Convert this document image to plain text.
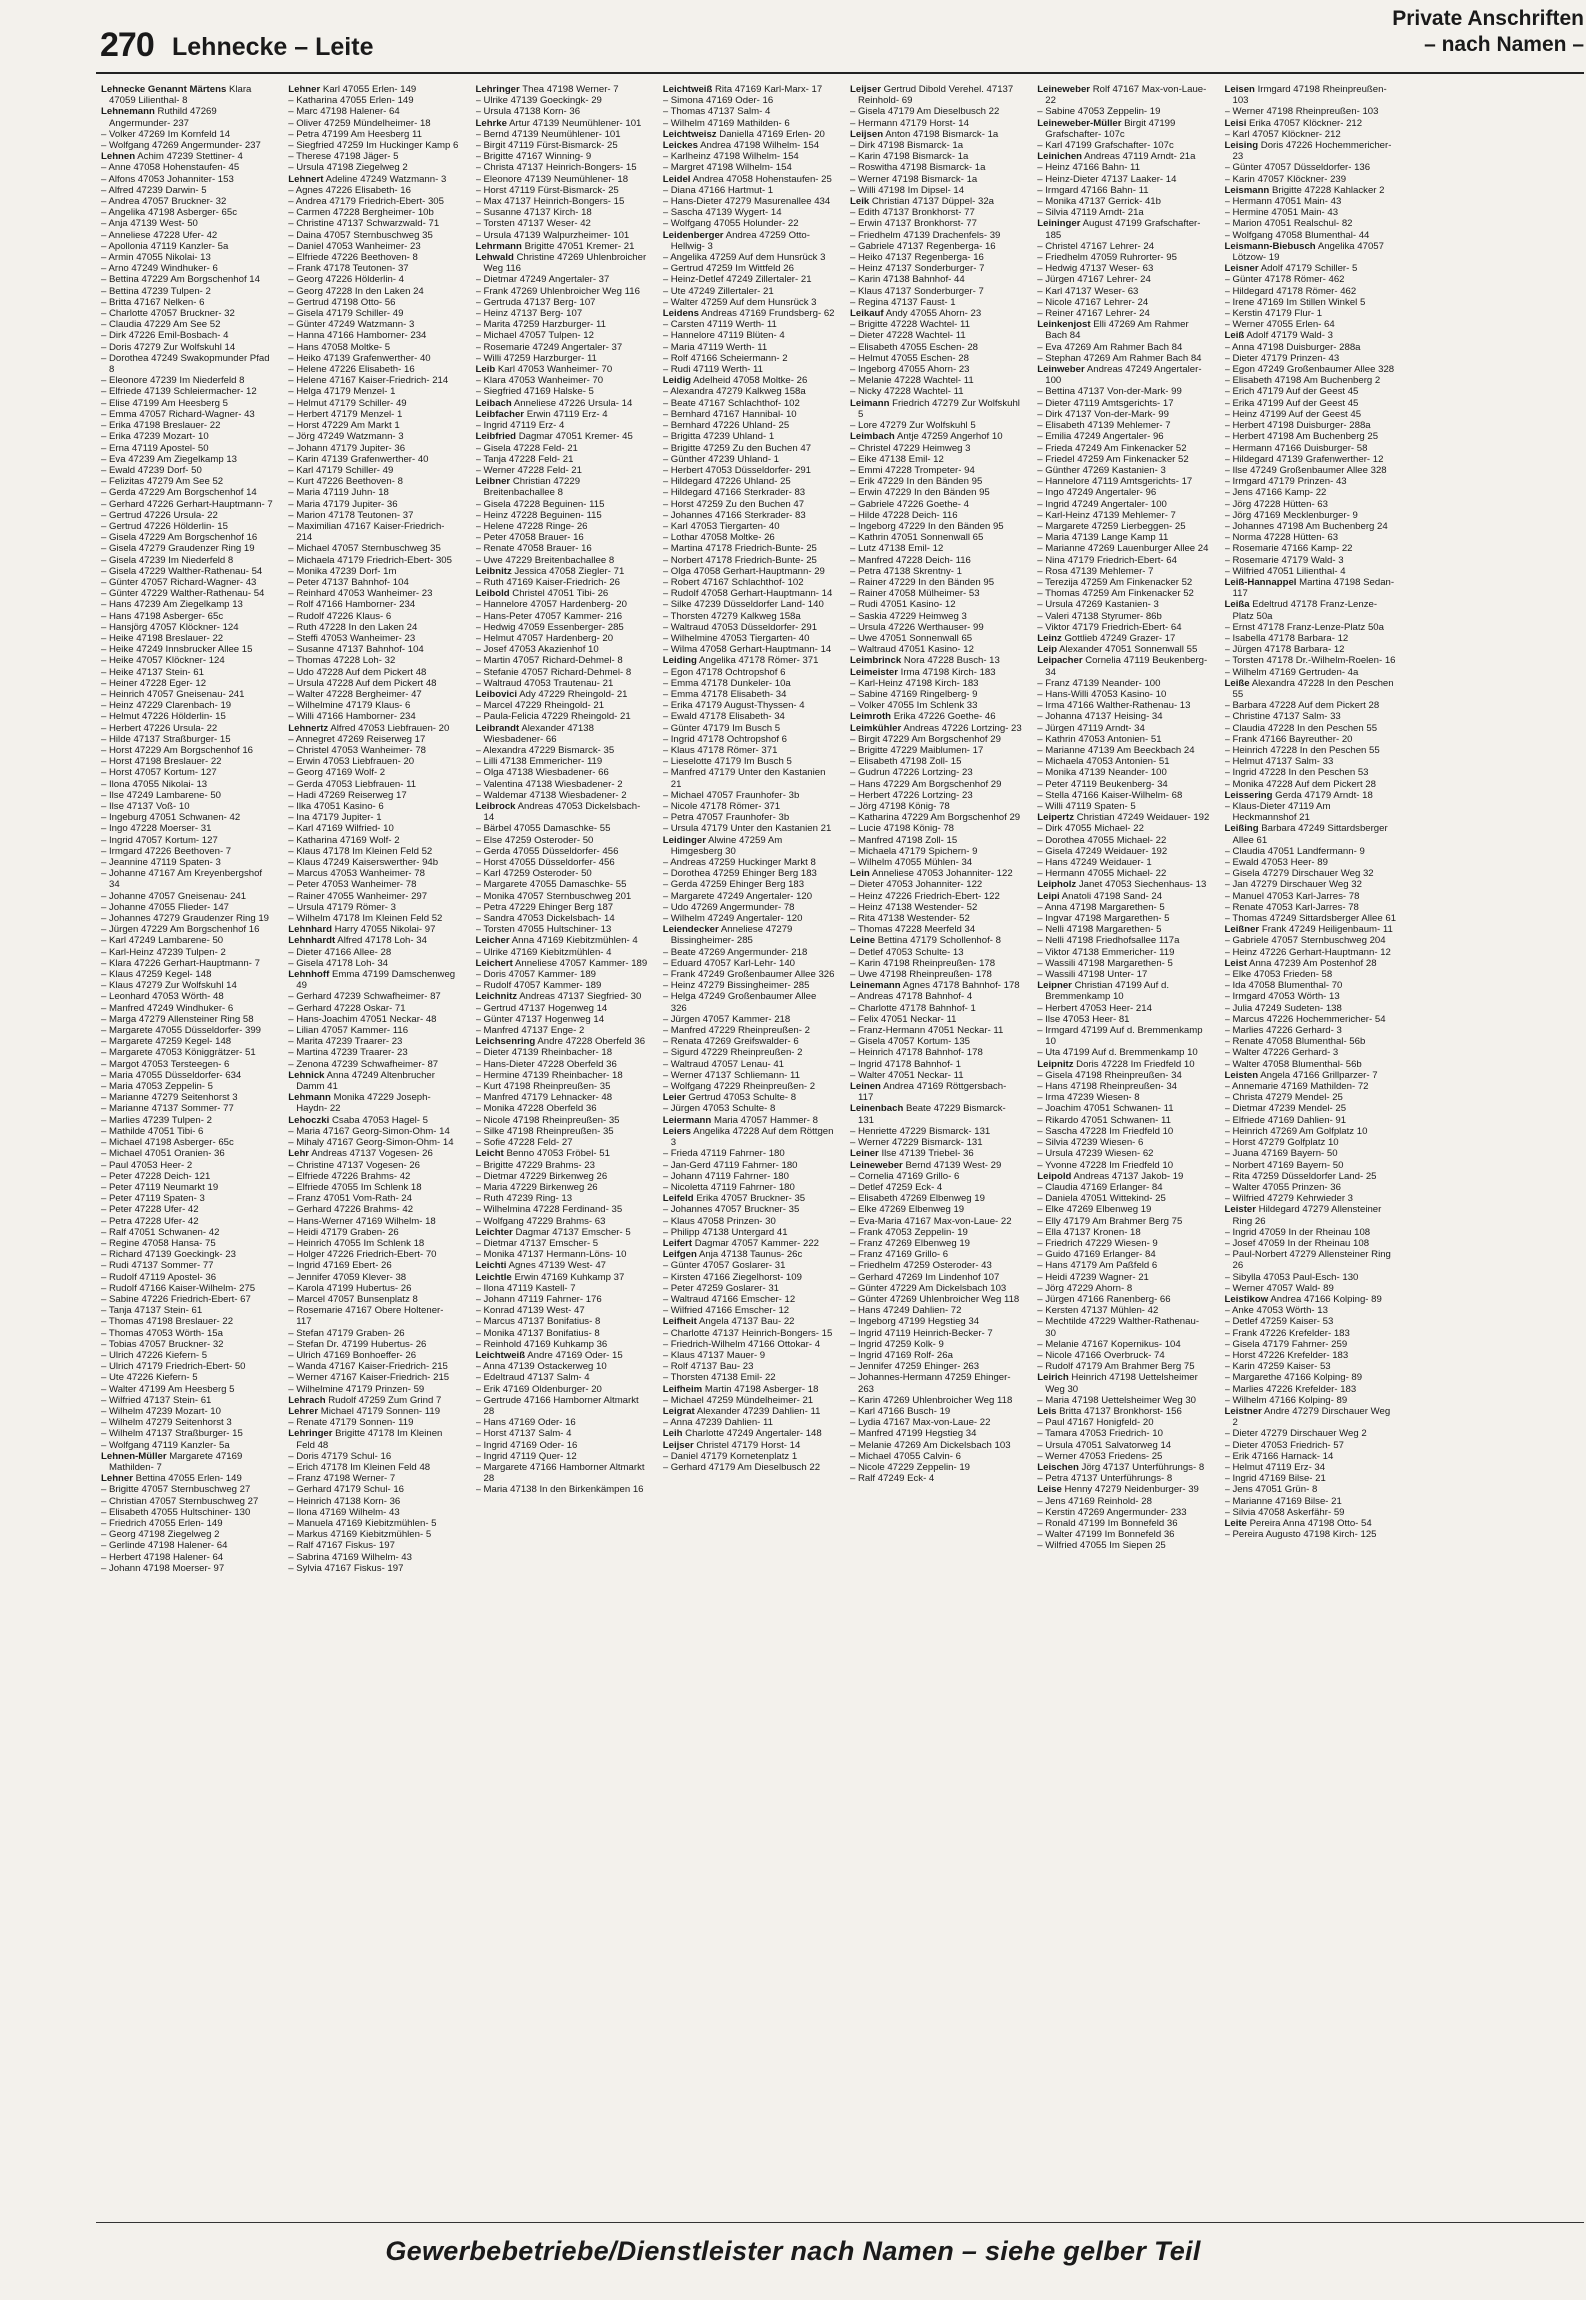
270 Lehnecke – Leite
Private Anschriften
– nach Namen –
Lehnecke Genannt Märtens Klara 47059 Lilienthal- 8
Lehnemann Ruthild 47269 Angermunder- 237
– Volker 47269 Im Kornfeld 14
– Wolfgang 47269 Angermunder- 237
Lehnen Achim 47239 Stettiner- 4
– Anne 47058 Hohenstaufen- 45
– Alfons 47053 Johanniter- 153
– Alfred 47239 Darwin- 5
– Andrea 47057 Bruckner- 32
– Angelika 47198 Asberger- 65c
– Anja 47139 West- 50
– Anneliese 47228 Ufer- 42
– Apollonia 47119 Kanzler- 5a
– Armin 47055 Nikolai- 13
– Arno 47249 Windhuker- 6
– Bettina 47229 Am Borgschenhof 14
– Bettina 47239 Tulpen- 2
– Britta 47167 Nelken- 6
– Charlotte 47057 Bruckner- 32
– Claudia 47229 Am See 52
– Dirk 47226 Emil-Bosbach- 4
– Doris 47279 Zur Wolfskuhl 14
– Dorothea 47249 Swakopmunder Pfad 8
– Eleonore 47239 Im Niederfeld 8
– Elfriede 47139 Schleiermacher- 12
– Elise 47199 Am Heesberg 5
– Emma 47057 Richard-Wagner- 43
– Erika 47198 Breslauer- 22
– Erika 47239 Mozart- 10
– Erna 47119 Apostel- 50
– Eva 47239 Am Ziegelkamp 13
– Ewald 47239 Dorf- 50
– Felizitas 47279 Am See 52
– Gerda 47229 Am Borgschenhof 14
– Gerhard 47226 Gerhart-Hauptmann- 7
– Gertrud 47226 Ursula- 22
– Gertrud 47226 Hölderlin- 15
– Gisela 47229 Am Borgschenhof 16
– Gisela 47279 Graudenzer Ring 19
– Gisela 47239 Im Niederfeld 8
– Gisela 47229 Walther-Rathenau- 54
– Günter 47057 Richard-Wagner- 43
– Günter 47229 Walther-Rathenau- 54
– Hans 47239 Am Ziegelkamp 13
– Hans 47198 Asberger- 65c
– Hansjörg 47057 Klöckner- 124
– Heike 47198 Breslauer- 22
– Heike 47249 Innsbrucker Allee 15
– Heike 47057 Klöckner- 124
– Heike 47137 Stein- 61
– Heiner 47228 Eger- 12
– Heinrich 47057 Gneisenau- 241
– Heinz 47229 Clarenbach- 19
– Helmut 47226 Hölderlin- 15
– Herbert 47226 Ursula- 22
– Hilde 47137 Straßburger- 15
– Horst 47229 Am Borgschenhof 16
– Horst 47198 Breslauer- 22
– Horst 47057 Kortum- 127
– Ilona 47055 Nikolai- 13
– Ilse 47249 Lambarene- 50
– Ilse 47137 Voß- 10
– Ingeburg 47051 Schwanen- 42
– Ingo 47228 Moerser- 31
– Ingrid 47057 Kortum- 127
– Irmgard 47226 Beethoven- 7
– Jeannine 47119 Spaten- 3
– Johanne 47167 Am Kreyenbergshof 34
– Johanne 47057 Gneisenau- 241
– Johanne 47055 Flieder- 147
– Johannes 47279 Graudenzer Ring 19
– Jürgen 47229 Am Borgschenhof 16
– Karl 47249 Lambarene- 50
– Karl-Heinz 47239 Tulpen- 2
– Klara 47226 Gerhart-Hauptmann- 7
– Klaus 47259 Kegel- 148
– Klaus 47279 Zur Wolfskuhl 14
– Leonhard 47053 Wörth- 48
– Manfred 47249 Windhuker- 6
– Marga 47279 Allensteiner Ring 58
– Margarete 47055 Düsseldorfer- 399
– Margarete 47259 Kegel- 148
– Margarete 47053 Königgrätzer- 51
– Margot 47053 Tersteegen- 6
– Maria 47055 Düsseldorfer- 634
– Maria 47053 Zeppelin- 5
– Marianne 47279 Seitenhorst 3
– Marianne 47137 Sommer- 77
– Marlies 47239 Tulpen- 2
– Mathilde 47051 Tibi- 6
– Michael 47198 Asberger- 65c
– Michael 47051 Oranien- 36
– Paul 47053 Heer- 2
– Peter 47228 Deich- 121
– Peter 47119 Neumarkt 19
– Peter 47119 Spaten- 3
– Peter 47228 Ufer- 42
– Petra 47228 Ufer- 42
– Ralf 47051 Schwanen- 42
– Regine 47058 Hansa- 75
– Richard 47139 Goeckingk- 23
– Rudi 47137 Sommer- 77
– Rudolf 47119 Apostel- 36
– Rudolf 47166 Kaiser-Wilhelm- 275
– Sabine 47226 Friedrich-Ebert- 67
– Tanja 47137 Stein- 61
– Thomas 47198 Breslauer- 22
– Thomas 47053 Wörth- 15a
– Tobias 47057 Bruckner- 32
– Ulrich 47226 Kiefern- 5
– Ulrich 47179 Friedrich-Ebert- 50
– Ute 47226 Kiefern- 5
– Walter 47199 Am Heesberg 5
– Wilfried 47137 Stein- 61
– Wilhelm 47239 Mozart- 10
– Wilhelm 47279 Seitenhorst 3
– Wilhelm 47137 Straßburger- 15
– Wolfgang 47119 Kanzler- 5a
Lehnen-Müller Margarete 47169 Mathilden- 7
Lehner Bettina 47055 Erlen- 149
– Brigitte 47057 Sternbuschweg 27
– Christian 47057 Sternbuschweg 27
– Elisabeth 47055 Hultschiner- 130
– Friedrich 47055 Erlen- 149
– Georg 47198 Ziegelweg 2
– Gerlinde 47198 Halener- 64
– Herbert 47198 Halener- 64
– Johann 47198 Moerser- 97
Lehner Karl 47055 Erlen- 149
– Katharina 47055 Erlen- 149
– Marc 47198 Halener- 64
– Oliver 47259 Mündelheimer- 18
– Petra 47199 Am Heesberg 11
– Siegfried 47259 Im Huckinger Kamp 6
– Therese 47198 Jäger- 5
– Ursula 47198 Ziegelweg 2
Lehnert Adeline 47249 Watzmann- 3
– Agnes 47226 Elisabeth- 16
– Andrea 47179 Friedrich-Ebert- 305
– Carmen 47228 Bergheimer- 10b
– Christine 47137 Schwarzwald- 71
– Daina 47057 Sternbuschweg 35
– Daniel 47053 Wanheimer- 23
– Elfriede 47226 Beethoven- 8
– Frank 47178 Teutonen- 37
– Georg 47226 Hölderlin- 4
– Georg 47228 In den Laken 24
– Gertrud 47198 Otto- 56
– Gisela 47179 Schiller- 49
– Günter 47249 Watzmann- 3
– Hanna 47166 Hamborner- 234
– Hans 47058 Moltke- 5
– Heiko 47139 Grafenwerther- 40
– Helene 47226 Elisabeth- 16
– Helene 47167 Kaiser-Friedrich- 214
– Helga 47179 Menzel- 1
– Helmut 47179 Schiller- 49
– Herbert 47179 Menzel- 1
– Horst 47229 Am Markt 1
– Jörg 47249 Watzmann- 3
– Johann 47179 Jupiter- 36
– Karin 47139 Grafenwerther- 40
– Karl 47179 Schiller- 49
– Kurt 47226 Beethoven- 8
– Maria 47119 Juhn- 18
– Maria 47179 Jupiter- 36
– Marion 47178 Teutonen- 37
– Maximilian 47167 Kaiser-Friedrich- 214
– Michael 47057 Sternbuschweg 35
– Michaela 47179 Friedrich-Ebert- 305
– Monika 47239 Dorf- 1m
– Peter 47137 Bahnhof- 104
– Reinhard 47053 Wanheimer- 23
– Rolf 47166 Hamborner- 234
– Rudolf 47226 Klaus- 6
– Ruth 47228 In den Laken 24
– Steffi 47053 Wanheimer- 23
– Susanne 47137 Bahnhof- 104
– Thomas 47228 Loh- 32
– Udo 47228 Auf dem Pickert 48
– Ursula 47228 Auf dem Pickert 48
– Walter 47228 Bergheimer- 47
– Wilhelmine 47179 Klaus- 6
– Willi 47166 Hamborner- 234
Lehnertz Alfred 47053 Liebfrauen- 20
– Annegret 47269 Reiserweg 17
– Christel 47053 Wanheimer- 78
– Erwin 47053 Liebfrauen- 20
– Georg 47169 Wolf- 2
– Gerda 47053 Liebfrauen- 11
– Hadi 47269 Reiserweg 17
– Ilka 47051 Kasino- 6
– Ina 47179 Jupiter- 1
– Karl 47169 Wilfried- 10
– Katharina 47169 Wolf- 2
– Klaus 47178 Im Kleinen Feld 52
– Klaus 47249 Kaiserswerther- 94b
– Marcus 47053 Wanheimer- 78
– Peter 47053 Wanheimer- 78
– Rainer 47055 Wanheimer- 297
– Ursula 47179 Römer- 3
– Wilhelm 47178 Im Kleinen Feld 52
Lehnhard Harry 47055 Nikolai- 97
Lehnhardt Alfred 47178 Loh- 34
– Dieter 47166 Allee- 28
– Gisela 47178 Loh- 34
Lehnhoff Emma 47199 Damschenweg 49
– Gerhard 47239 Schwafheimer- 87
– Gerhard 47228 Oskar- 71
– Hans-Joachim 47051 Neckar- 48
– Lilian 47057 Kammer- 116
– Marita 47239 Traarer- 23
– Martina 47239 Traarer- 23
– Zenona 47239 Schwafheimer- 87
Lehnick Anna 47249 Altenbrucher Damm 41
Lehmann Monika 47229 Joseph-Haydn- 22
Lehoczki Csaba 47053 Hagel- 5
– Maria 47167 Georg-Simon-Ohm- 14
– Mihaly 47167 Georg-Simon-Ohm- 14
Lehr Andreas 47137 Vogesen- 26
– Christine 47137 Vogesen- 26
– Elfriede 47226 Brahms- 42
– Elfriede 47055 Im Schlenk 18
– Franz 47051 Vom-Rath- 24
– Gerhard 47226 Brahms- 42
– Hans-Werner 47169 Wilhelm- 18
– Heidi 47179 Graben- 26
– Heinrich 47055 Im Schlenk 18
– Holger 47226 Friedrich-Ebert- 70
– Ingrid 47169 Ebert- 26
– Jennifer 47059 Klever- 38
– Karola 47199 Hubertus- 26
– Marcel 47057 Bunsenplatz 8
– Rosemarie 47167 Obere Holtener- 117
– Stefan 47179 Graben- 26
– Stefan Dr. 47199 Hubertus- 26
– Ulrich 47169 Bonhoeffer- 26
– Wanda 47167 Kaiser-Friedrich- 215
– Werner 47167 Kaiser-Friedrich- 215
– Wilhelmine 47179 Prinzen- 59
Lehrach Rudolf 47259 Zum Grind 7
Lehrer Michael 47179 Sonnen- 119
– Renate 47179 Sonnen- 119
Lehringer Brigitte 47178 Im Kleinen Feld 48
– Doris 47179 Schul- 16
– Erich 47178 Im Kleinen Feld 48
– Franz 47198 Werner- 7
– Gerhard 47179 Schul- 16
– Heinrich 47138 Korn- 36
– Ilona 47169 Wilhelm- 43
– Manuela 47169 Kiebitzmühlen- 5
– Markus 47169 Kiebitzmühlen- 5
– Ralf 47167 Fiskus- 197
– Sabrina 47169 Wilhelm- 43
– Sylvia 47167 Fiskus- 197
Lehringer Thea 47198 Werner- 7
– Ulrike 47139 Goeckingk- 29
– Ursula 47138 Korn- 36
Lehrke Artur 47139 Neumühlener- 101
– Bernd 47139 Neumühlener- 101
– Birgit 47119 Fürst-Bismarck- 25
– Brigitte 47167 Winning- 9
– Christa 47137 Heinrich-Bongers- 15
– Eleonore 47139 Neumühlener- 18
– Horst 47119 Fürst-Bismarck- 25
– Max 47137 Heinrich-Bongers- 15
– Susanne 47137 Kirch- 18
– Torsten 47137 Weser- 42
– Ursula 47139 Walpurzheimer- 101
Lehrmann Brigitte 47051 Kremer- 21
Lehwald Christine 47269 Uhlenbroicher Weg 116
– Dietmar 47249 Angertaler- 37
– Frank 47269 Uhlenbroicher Weg 116
– Gertruda 47137 Berg- 107
– Heinz 47137 Berg- 107
– Marita 47259 Harzburger- 11
– Michael 47057 Tulpen- 12
– Rosemarie 47249 Angertaler- 37
– Willi 47259 Harzburger- 11
Leib Karl 47053 Wanheimer- 70
– Klara 47053 Wanheimer- 70
– Siegfried 47169 Halske- 5
Leibach Anneliese 47226 Ursula- 14
Leibfacher Erwin 47119 Erz- 4
– Ingrid 47119 Erz- 4
Leibfried Dagmar 47051 Kremer- 45
– Gisela 47228 Feld- 21
– Tanja 47228 Feld- 21
– Werner 47228 Feld- 21
Leibner Christian 47229 Breitenbachallee 8
– Gisela 47228 Beguinen- 115
– Heinz 47228 Beguinen- 115
– Helene 47228 Ringe- 26
– Peter 47058 Brauer- 16
– Renate 47058 Brauer- 16
– Uwe 47229 Breitenbachallee 8
Leibnitz Jessica 47058 Ziegler- 71
– Ruth 47169 Kaiser-Friedrich- 26
Leibold Christel 47051 Tibi- 26
– Hannelore 47057 Hardenberg- 20
– Hans-Peter 47057 Kammer- 216
– Hedwig 47059 Essenberger- 285
– Helmut 47057 Hardenberg- 20
– Josef 47053 Akazienhof 10
– Martin 47057 Richard-Dehmel- 8
– Stefanie 47057 Richard-Dehmel- 8
– Waltraud 47053 Trautenau- 21
Leibovici Ady 47229 Rheingold- 21
– Marcel 47229 Rheingold- 21
– Paula-Felicia 47229 Rheingold- 21
Leibrandt Alexander 47138 Wiesbadener- 66
– Alexandra 47229 Bismarck- 35
– Lilli 47138 Emmericher- 119
– Olga 47138 Wiesbadener- 66
– Valentina 47138 Wiesbadener- 2
– Waldemar 47138 Wiesbadener- 2
Leibrock Andreas 47053 Dickelsbach- 14
– Bärbel 47055 Damaschke- 55
– Else 47259 Osteroder- 50
– Gerda 47055 Düsseldorfer- 456
– Horst 47055 Düsseldorfer- 456
– Karl 47259 Osteroder- 50
– Margarete 47055 Damaschke- 55
– Monika 47057 Sternbuschweg 201
– Petra 47229 Ehinger Berg 187
– Sandra 47053 Dickelsbach- 14
– Torsten 47055 Hultschiner- 13
Leicher Anna 47169 Kiebitzmühlen- 4
– Ulrike 47169 Kiebitzmühlen- 4
Leichert Anneliese 47057 Kammer- 189
– Doris 47057 Kammer- 189
– Rudolf 47057 Kammer- 189
Leichnitz Andreas 47137 Siegfried- 30
– Gertrud 47137 Hogenweg 14
– Günter 47137 Hogenweg 14
– Manfred 47137 Enge- 2
Leichsenring Andre 47228 Oberfeld 36
– Dieter 47139 Rheinbacher- 18
– Hans-Dieter 47228 Oberfeld 36
– Hermine 47139 Rheinbacher- 18
– Kurt 47198 Rheinpreußen- 35
– Manfred 47179 Lehnacker- 48
– Monika 47228 Oberfeld 36
– Nicole 47198 Rheinpreußen- 35
– Silke 47198 Rheinpreußen- 35
– Sofie 47228 Feld- 27
Leicht Benno 47053 Fröbel- 51
– Brigitte 47229 Brahms- 23
– Dietmar 47229 Birkenweg 26
– Maria 47229 Birkenweg 26
– Ruth 47239 Ring- 13
– Wilhelmina 47228 Ferdinand- 35
– Wolfgang 47229 Brahms- 63
Leichter Dagmar 47137 Emscher- 5
– Dietmar 47137 Emscher- 5
– Monika 47137 Hermann-Löns- 10
Leichti Agnes 47139 West- 47
Leichtle Erwin 47169 Kuhkamp 37
– Ilona 47119 Kastell- 7
– Johann 47119 Fahrner- 176
– Konrad 47139 West- 47
– Marcus 47137 Bonifatius- 8
– Monika 47137 Bonifatius- 8
– Reinhold 47169 Kuhkamp 36
Leichtweiß Andre 47169 Oder- 15
– Anna 47139 Ostackerweg 10
– Edeltraud 47137 Salm- 4
– Erik 47169 Oldenburger- 20
– Gertrude 47166 Hamborner Altmarkt 28
– Hans 47169 Oder- 16
– Horst 47137 Salm- 4
– Ingrid 47169 Oder- 16
– Ingrid 47119 Quer- 12
– Margarete 47166 Hamborner Altmarkt 28
– Maria 47138 In den Birkenkämpen 16
Leichtweiß Rita 47169 Karl-Marx- 17
– Simona 47169 Oder- 16
– Thomas 47137 Salm- 4
– Wilhelm 47169 Mathilden- 6
Leichtweisz Daniella 47169 Erlen- 20
Leickes Andrea 47198 Wilhelm- 154
– Karlheinz 47198 Wilhelm- 154
– Margret 47198 Wilhelm- 154
Leidel Andrea 47058 Hohenstaufen- 25
– Diana 47166 Hartmut- 1
– Hans-Dieter 47279 Masurenallee 434
– Sascha 47139 Wygert- 14
– Wolfgang 47055 Holunder- 22
Leidenberger Andrea 47259 Otto-Hellwig- 3
– Angelika 47259 Auf dem Hunsrück 3
– Gertrud 47259 Im Wittfeld 26
– Heinz-Detlef 47249 Zillertaler- 21
– Ute 47249 Zillertaler- 21
– Walter 47259 Auf dem Hunsrück 3
Leidens Andreas 47169 Frundsberg- 62
– Carsten 47119 Werth- 11
– Hannelore 47119 Blüten- 4
– Maria 47119 Werth- 11
– Rolf 47166 Scheiermann- 2
– Rudi 47119 Werth- 11
Leidig Adelheid 47058 Moltke- 26
– Alexandra 47279 Kalkweg 158a
– Beate 47167 Schlachthof- 102
– Bernhard 47167 Hannibal- 10
– Bernhard 47226 Uhland- 25
– Brigitta 47239 Uhland- 1
– Brigitte 47259 Zu den Buchen 47
– Günther 47239 Uhland- 1
– Herbert 47053 Düsseldorfer- 291
– Hildegard 47226 Uhland- 25
– Hildegard 47166 Sterkrader- 83
– Horst 47259 Zu den Buchen 47
– Johannes 47166 Sterkrader- 83
– Karl 47053 Tiergarten- 40
– Lothar 47058 Moltke- 26
– Martina 47178 Friedrich-Bunte- 25
– Norbert 47178 Friedrich-Bunte- 25
– Olga 47058 Gerhart-Hauptmann- 29
– Robert 47167 Schlachthof- 102
– Rudolf 47058 Gerhart-Hauptmann- 14
– Silke 47239 Düsseldorfer Land- 140
– Thorsten 47279 Kalkweg 158a
– Waltraud 47053 Düsseldorfer- 291
– Wilhelmine 47053 Tiergarten- 40
– Wilma 47058 Gerhart-Hauptmann- 14
Leiding Angelika 47178 Römer- 371
– Egon 47178 Ochtropshof 6
– Emma 47178 Dunkeler- 10a
– Emma 47178 Elisabeth- 34
– Erika 47179 August-Thyssen- 4
– Ewald 47178 Elisabeth- 34
– Günter 47179 Im Busch 5
– Ingrid 47178 Ochtropshof 6
– Klaus 47178 Römer- 371
– Lieselotte 47179 Im Busch 5
– Manfred 47179 Unter den Kastanien 21
– Michael 47057 Fraunhofer- 3b
– Nicole 47178 Römer- 371
– Petra 47057 Fraunhofer- 3b
– Ursula 47179 Unter den Kastanien 21
Leidinger Alwine 47259 Am Himgesberg 30
– Andreas 47259 Huckinger Markt 8
– Dorothea 47259 Ehinger Berg 183
– Gerda 47259 Ehinger Berg 183
– Margarete 47249 Angertaler- 120
– Udo 47269 Angermunder- 78
– Wilhelm 47249 Angertaler- 120
Leiendecker Anneliese 47279 Bissingheimer- 285
– Beate 47269 Angermunder- 218
– Eduard 47057 Karl-Lehr- 140
– Frank 47249 Großenbaumer Allee 326
– Heinz 47279 Bissingheimer- 285
– Helga 47249 Großenbaumer Allee 326
– Jürgen 47057 Kammer- 218
– Manfred 47229 Rheinpreußen- 2
– Renata 47269 Greifswalder- 6
– Sigurd 47229 Rheinpreußen- 2
– Waltraud 47057 Lenau- 41
– Werner 47137 Schliemann- 11
– Wolfgang 47229 Rheinpreußen- 2
Leier Gertrud 47053 Schulte- 8
– Jürgen 47053 Schulte- 8
Leiermann Maria 47057 Hammer- 8
Leiers Angelika 47228 Auf dem Röttgen 3
– Frieda 47119 Fahrner- 180
– Jan-Gerd 47119 Fahrner- 180
– Johann 47119 Fahrner- 180
– Nicoletta 47119 Fahrner- 180
Leifeld Erika 47057 Bruckner- 35
– Johannes 47057 Bruckner- 35
– Klaus 47058 Prinzen- 30
– Philipp 47138 Untergard 41
Leifert Dagmar 47057 Kammer- 222
Leifgen Anja 47138 Taunus- 26c
– Günter 47057 Goslarer- 31
– Kirsten 47166 Ziegelhorst- 109
– Peter 47259 Goslarer- 31
– Waltraud 47166 Emscher- 12
– Wilfried 47166 Emscher- 12
Leifheit Angela 47137 Bau- 22
– Charlotte 47137 Heinrich-Bongers- 15
– Friedrich-Wilhelm 47166 Ottokar- 4
– Klaus 47137 Mauer- 9
– Rolf 47137 Bau- 23
– Thorsten 47138 Emil- 22
Leifheim Martin 47198 Asberger- 18
– Michael 47259 Mündelheimer- 21
Leigrat Alexander 47239 Dahlien- 11
– Anna 47239 Dahlien- 11
Leih Charlotte 47249 Angertaler- 148
Leijser Christel 47179 Horst- 14
– Daniel 47179 Kornetenplatz 1
– Gerhard 47179 Am Dieselbusch 22
Leijser Gertrud Dibold Verehel. 47137 Reinhold- 69
– Gisela 47179 Am Dieselbusch 22
– Hermann 47179 Horst- 14
Leijsen Anton 47198 Bismarck- 1a
– Dirk 47198 Bismarck- 1a
– Karin 47198 Bismarck- 1a
– Roswitha 47198 Bismarck- 1a
– Werner 47198 Bismarck- 1a
– Willi 47198 Im Dipsel- 14
Leik Christian 47137 Düppel- 32a
– Edith 47137 Bronkhorst- 77
– Erwin 47137 Bronkhorst- 77
– Friedhelm 47139 Drachenfels- 39
– Gabriele 47137 Regenberga- 16
– Heiko 47137 Regenberga- 16
– Heinz 47137 Sonderburger- 7
– Karin 47138 Bahnhof- 44
– Klaus 47137 Sonderburger- 7
– Regina 47137 Faust- 1
Leikauf Andy 47055 Ahorn- 23
– Brigitte 47228 Wachtel- 11
– Dieter 47228 Wachtel- 11
– Elisabeth 47055 Eschen- 28
– Helmut 47055 Eschen- 28
– Ingeborg 47055 Ahorn- 23
– Melanie 47228 Wachtel- 11
– Nicky 47228 Wachtel- 11
Leimann Friedrich 47279 Zur Wolfskuhl 5
– Lore 47279 Zur Wolfskuhl 5
Leimbach Antje 47259 Angerhof 10
– Christel 47229 Heimweg 3
– Eike 47138 Emil- 12
– Emmi 47228 Trompeter- 94
– Erik 47229 In den Bänden 95
– Erwin 47229 In den Bänden 95
– Gabriele 47226 Goethe- 4
– Hilde 47228 Deich- 116
– Ingeborg 47229 In den Bänden 95
– Kathrin 47051 Sonnenwall 65
– Lutz 47138 Emil- 12
– Manfred 47228 Deich- 116
– Petra 47138 Skrentny- 1
– Rainer 47229 In den Bänden 95
– Rainer 47058 Mülheimer- 53
– Rudi 47051 Kasino- 12
– Saskia 47229 Heimweg 3
– Ursula 47226 Werthauser- 99
– Uwe 47051 Sonnenwall 65
– Waltraud 47051 Kasino- 12
Leimbrinck Nora 47228 Busch- 13
Leimeister Irma 47198 Kirch- 183
– Karl-Heinz 47198 Kirch- 183
– Sabine 47169 Ringelberg- 9
– Volker 47055 Im Schlenk 33
Leimroth Erika 47226 Goethe- 46
Leimkühler Andreas 47226 Lortzing- 23
– Birgit 47229 Am Borgschenhof 29
– Brigitte 47229 Maiblumen- 17
– Elisabeth 47198 Zoll- 15
– Gudrun 47226 Lortzing- 23
– Hans 47229 Am Borgschenhof 29
– Herbert 47226 Lortzing- 23
– Jörg 47198 König- 78
– Katharina 47229 Am Borgschenhof 29
– Lucie 47198 König- 78
– Manfred 47198 Zoll- 15
– Michaela 47179 Spichern- 9
– Wilhelm 47055 Mühlen- 34
Lein Anneliese 47053 Johanniter- 122
– Dieter 47053 Johanniter- 122
– Heinz 47226 Friedrich-Ebert- 122
– Heinz 47138 Westender- 52
– Rita 47138 Westender- 52
– Thomas 47228 Meerfeld 34
Leine Bettina 47179 Schollenhof- 8
– Detlef 47053 Schulte- 13
– Karin 47198 Rheinpreußen- 178
– Uwe 47198 Rheinpreußen- 178
Leinemann Agnes 47178 Bahnhof- 178
– Andreas 47178 Bahnhof- 4
– Charlotte 47178 Bahnhof- 1
– Felix 47051 Neckar- 11
– Franz-Hermann 47051 Neckar- 11
– Gisela 47057 Kortum- 135
– Heinrich 47178 Bahnhof- 178
– Ingrid 47178 Bahnhof- 1
– Walter 47051 Neckar- 11
Leinen Andrea 47169 Röttgersbach- 117
Leinenbach Beate 47229 Bismarck- 131
– Henriette 47229 Bismarck- 131
– Werner 47229 Bismarck- 131
Leiner Ilse 47139 Triebel- 36
Leineweber Bernd 47139 West- 29
– Cornelia 47169 Grillo- 6
– Detlef 47259 Eck- 4
– Elisabeth 47269 Elbenweg 19
– Elke 47269 Elbenweg 19
– Eva-Maria 47167 Max-von-Laue- 22
– Frank 47053 Zeppelin- 19
– Franz 47269 Elbenweg 19
– Franz 47169 Grillo- 6
– Friedhelm 47259 Osteroder- 43
– Gerhard 47269 Im Lindenhof 107
– Günter 47229 Am Dickelsbach 103
– Günter 47269 Uhlenbroicher Weg 118
– Hans 47249 Dahlien- 72
– Ingeborg 47199 Hegstieg 34
– Ingrid 47119 Heinrich-Becker- 7
– Ingrid 47259 Kolk- 9
– Ingrid 47169 Rolf- 26a
– Jennifer 47259 Ehinger- 263
– Johannes-Hermann 47259 Ehinger- 263
– Karin 47269 Uhlenbroicher Weg 118
– Karl 47166 Busch- 19
– Lydia 47167 Max-von-Laue- 22
– Manfred 47199 Hegstieg 34
– Melanie 47269 Am Dickelsbach 103
– Michael 47055 Calvin- 6
– Nicole 47229 Zeppelin- 19
– Ralf 47249 Eck- 4
Leineweber Rolf 47167 Max-von-Laue- 22
– Sabine 47053 Zeppelin- 19
Leineweber-Müller Birgit 47199 Grafschafter- 107c
– Karl 47199 Grafschafter- 107c
Leinichen Andreas 47119 Arndt- 21a
– Heinz 47166 Bahn- 11
– Heinz-Dieter 47137 Laaker- 14
– Irmgard 47166 Bahn- 11
– Monika 47137 Gerrick- 41b
– Silvia 47119 Arndt- 21a
Leininger August 47199 Grafschafter- 185
– Christel 47167 Lehrer- 24
– Friedhelm 47059 Ruhrorter- 95
– Hedwig 47137 Weser- 63
– Jürgen 47167 Lehrer- 24
– Karl 47137 Weser- 63
– Nicole 47167 Lehrer- 24
– Reiner 47167 Lehrer- 24
Leinkenjost Elli 47269 Am Rahmer Bach 84
– Eva 47269 Am Rahmer Bach 84
– Stephan 47269 Am Rahmer Bach 84
Leinweber Andreas 47249 Angertaler- 100
– Bettina 47137 Von-der-Mark- 99
– Dieter 47119 Amtsgerichts- 17
– Dirk 47137 Von-der-Mark- 99
– Elisabeth 47139 Mehlemer- 7
– Emilia 47249 Angertaler- 96
– Frieda 47249 Am Finkenacker 52
– Friedel 47259 Am Finkenacker 52
– Günther 47269 Kastanien- 3
– Hannelore 47119 Amtsgerichts- 17
– Ingo 47249 Angertaler- 96
– Ingrid 47249 Angertaler- 100
– Karl-Heinz 47139 Mehlemer- 7
– Margarete 47259 Lierbeggen- 25
– Maria 47139 Lange Kamp 11
– Marianne 47269 Lauenburger Allee 24
– Nina 47179 Friedrich-Ebert- 64
– Rosa 47139 Mehlemer- 7
– Terezija 47259 Am Finkenacker 52
– Thomas 47259 Am Finkenacker 52
– Ursula 47269 Kastanien- 3
– Valeri 47138 Styrumer- 86b
– Viktor 47179 Friedrich-Ebert- 64
Leinz Gottlieb 47249 Grazer- 17
Leip Alexander 47051 Sonnenwall 55
Leipacher Cornelia 47119 Beukenberg- 34
– Franz 47139 Neander- 100
– Hans-Willi 47053 Kasino- 10
– Irma 47166 Walther-Rathenau- 13
– Johanna 47137 Heising- 34
– Jürgen 47119 Arndt- 34
– Kathrin 47053 Antonien- 51
– Marianne 47139 Am Beeckbach 24
– Michaela 47053 Antonien- 51
– Monika 47139 Neander- 100
– Peter 47119 Beukenberg- 34
– Stella 47166 Kaiser-Wilhelm- 68
– Willi 47119 Spaten- 5
Leipertz Christian 47249 Weidauer- 192
– Dirk 47055 Michael- 22
– Dorothea 47055 Michael- 22
– Gisela 47249 Weidauer- 192
– Hans 47249 Weidauer- 1
– Hermann 47055 Michael- 22
Leipholz Janet 47053 Siechenhaus- 13
Leipi Anatoli 47198 Sand- 24
– Anna 47198 Margarethen- 5
– Ingvar 47198 Margarethen- 5
– Nelli 47198 Margarethen- 5
– Nelli 47198 Friedhofsallee 117a
– Viktor 47138 Emmericher- 119
– Wassili 47198 Margarethen- 5
– Wassili 47198 Unter- 17
Leipner Christian 47199 Auf d. Bremmenkamp 10
– Herbert 47053 Heer- 214
– Ilse 47053 Heer- 81
– Irmgard 47199 Auf d. Bremmenkamp 10
– Uta 47199 Auf d. Bremmenkamp 10
Leipnitz Doris 47228 Im Friedfeld 10
– Gisela 47198 Rheinpreußen- 34
– Hans 47198 Rheinpreußen- 34
– Irma 47239 Wiesen- 8
– Joachim 47051 Schwanen- 11
– Rikardo 47051 Schwanen- 11
– Sascha 47228 Im Friedfeld 10
– Silvia 47239 Wiesen- 6
– Ursula 47239 Wiesen- 62
– Yvonne 47228 Im Friedfeld 10
Leipold Andreas 47137 Jakob- 19
– Claudia 47169 Erlanger- 84
– Daniela 47051 Wittekind- 25
– Elke 47269 Elbenweg 19
– Elly 47179 Am Brahmer Berg 75
– Ella 47137 Kronen- 18
– Friedrich 47229 Wiesen- 9
– Guido 47169 Erlanger- 84
– Hans 47179 Am Paßfeld 6
– Heidi 47239 Wagner- 21
– Jörg 47229 Ahorn- 8
– Jürgen 47166 Ranenberg- 66
– Kersten 47137 Mühlen- 42
– Mechtilde 47229 Walther-Rathenau- 30
– Melanie 47167 Kopernikus- 104
– Nicole 47166 Overbruck- 74
– Rudolf 47179 Am Brahmer Berg 75
Leirich Heinrich 47198 Uettelsheimer Weg 30
– Maria 47198 Uettelsheimer Weg 30
Leis Britta 47137 Bronkhorst- 156
– Paul 47167 Honigfeld- 20
– Tamara 47053 Friedrich- 10
– Ursula 47051 Salvatorweg 14
– Werner 47053 Friedens- 25
Leischen Jörg 47137 Unterführungs- 8
– Petra 47137 Unterführungs- 8
Leise Henny 47279 Neidenburger- 39
– Jens 47169 Reinhold- 28
– Kerstin 47269 Angermunder- 233
– Ronald 47199 Im Bonnefeld 36
– Walter 47199 Im Bonnefeld 36
– Wilfried 47055 Im Siepen 25
Leisen Irmgard 47198 Rheinpreußen- 103
– Werner 47198 Rheinpreußen- 103
Leisi Erika 47057 Klöckner- 212
– Karl 47057 Klöckner- 212
Leising Doris 47226 Hochemmericher- 23
– Günter 47057 Düsseldorfer- 136
– Karin 47057 Klöckner- 239
Leismann Brigitte 47228 Kahlacker 2
– Hermann 47051 Main- 43
– Hermine 47051 Main- 43
– Marion 47051 Realschul- 82
– Wolfgang 47058 Blumenthal- 44
Leismann-Biebusch Angelika 47057 Lötzow- 19
Leisner Adolf 47179 Schiller- 5
– Günter 47178 Römer- 462
– Hildegard 47178 Römer- 462
– Irene 47169 Im Stillen Winkel 5
– Kerstin 47179 Flur- 1
– Werner 47055 Erlen- 64
Leiß Adolf 47179 Wald- 3
– Anna 47198 Duisburger- 288a
– Dieter 47179 Prinzen- 43
– Egon 47249 Großenbaumer Allee 328
– Elisabeth 47198 Am Buchenberg 2
– Erich 47179 Auf der Geest 45
– Erika 47199 Auf der Geest 45
– Heinz 47199 Auf der Geest 45
– Herbert 47198 Duisburger- 288a
– Herbert 47198 Am Buchenberg 25
– Hermann 47166 Duisburger- 58
– Hildegard 47139 Grafenwerther- 12
– Ilse 47249 Großenbaumer Allee 328
– Irmgard 47179 Prinzen- 43
– Jens 47166 Kamp- 22
– Jörg 47228 Hütten- 63
– Jörg 47169 Mecklenburger- 9
– Johannes 47198 Am Buchenberg 24
– Norma 47228 Hütten- 63
– Rosemarie 47166 Kamp- 22
– Rosemarie 47179 Wald- 3
– Wilfried 47051 Lilienthal- 4
Leiß-Hannappel Martina 47198 Sedan- 117
Leißa Edeltrud 47178 Franz-Lenze-Platz 50a
– Ernst 47178 Franz-Lenze-Platz 50a
– Isabella 47178 Barbara- 12
– Jürgen 47178 Barbara- 12
– Torsten 47178 Dr.-Wilhelm-Roelen- 16
– Wilhelm 47169 Gertruden- 4a
Leiße Alexandra 47228 In den Peschen 55
– Barbara 47228 Auf dem Pickert 28
– Christine 47137 Salm- 33
– Claudia 47228 In den Peschen 55
– Frank 47166 Bayreuther- 20
– Heinrich 47228 In den Peschen 55
– Helmut 47137 Salm- 33
– Ingrid 47228 In den Peschen 53
– Monika 47228 Auf dem Pickert 28
Leissering Gerda 47179 Arndt- 18
– Klaus-Dieter 47119 Am Heckmannshof 21
Leißing Barbara 47249 Sittardsberger Allee 61
– Claudia 47051 Landfermann- 9
– Ewald 47053 Heer- 89
– Gisela 47279 Dirschauer Weg 32
– Jan 47279 Dirschauer Weg 32
– Manuel 47053 Karl-Jarres- 78
– Renate 47053 Karl-Jarres- 78
– Thomas 47249 Sittardsberger Allee 61
Leißner Frank 47249 Heiligenbaum- 11
– Gabriele 47057 Sternbuschweg 204
– Heinz 47226 Gerhart-Hauptmann- 12
Leist Anna 47239 Am Postenhof 28
– Elke 47053 Frieden- 58
– Ida 47058 Blumenthal- 70
– Irmgard 47053 Wörth- 13
– Julia 47249 Sudeten- 138
– Marcus 47226 Hochemmericher- 54
– Marlies 47226 Gerhard- 3
– Renate 47058 Blumenthal- 56b
– Walter 47226 Gerhard- 3
– Walter 47058 Blumenthal- 56b
Leisten Angela 47166 Grillparzer- 7
– Annemarie 47169 Mathilden- 72
– Christa 47279 Mendel- 25
– Dietmar 47239 Mendel- 25
– Elfriede 47169 Dahlien- 91
– Heinrich 47269 Am Golfplatz 10
– Horst 47279 Golfplatz 10
– Juana 47169 Bayern- 50
– Norbert 47169 Bayern- 50
– Rita 47259 Düsseldorfer Land- 25
– Walter 47055 Prinzen- 36
– Wilfried 47279 Kehrwieder 3
Leister Hildegard 47279 Allensteiner Ring 26
– Ingrid 47059 In der Rheinau 108
– Josef 47059 In der Rheinau 108
– Paul-Norbert 47279 Allensteiner Ring 26
– Sibylla 47053 Paul-Esch- 130
– Werner 47057 Wald- 89
Leistikow Andrea 47166 Kolping- 89
– Anke 47053 Wörth- 13
– Detlef 47259 Kaiser- 53
– Frank 47226 Krefelder- 183
– Gisela 47179 Fahrner- 259
– Horst 47226 Krefelder- 183
– Karin 47259 Kaiser- 53
– Margarethe 47166 Kolping- 89
– Marlies 47226 Krefelder- 183
– Wilhelm 47166 Kolping- 89
Leistner Andre 47279 Dirschauer Weg 2
– Dieter 47279 Dirschauer Weg 2
– Dieter 47053 Friedrich- 57
– Erik 47166 Harnack- 14
– Helmut 47119 Erz- 34
– Ingrid 47169 Bilse- 21
– Jens 47051 Grün- 8
– Marianne 47169 Bilse- 21
– Silvia 47058 Askerfähr- 59
Leite Pereira Anna 47198 Otto- 54
– Pereira Augusto 47198 Kirch- 125
Gewerbebetriebe/Dienstleister nach Namen – siehe gelber Teil
